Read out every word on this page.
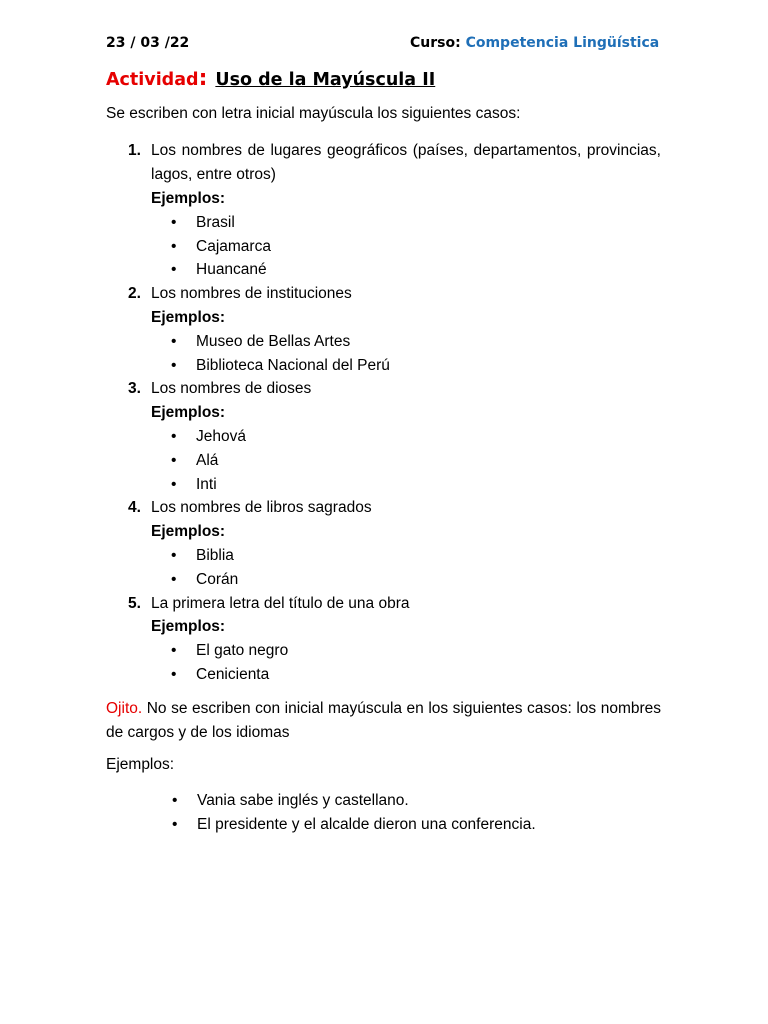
23 / 03 /22	Curso: Competencia Lingüística
Actividad: Uso de la Mayúscula II
Se escriben con letra inicial mayúscula los siguientes casos:
1. Los nombres de lugares geográficos (países, departamentos, provincias, lagos, entre otros)
Ejemplos:
• Brasil
• Cajamarca
• Huancané
2. Los nombres de instituciones
Ejemplos:
• Museo de Bellas Artes
• Biblioteca Nacional del Perú
3. Los nombres de dioses
Ejemplos:
• Jehová
• Alá
• Inti
4. Los nombres de libros sagrados
Ejemplos:
• Biblia
• Corán
5. La primera letra del título de una obra
Ejemplos:
• El gato negro
• Cenicienta
Ojito. No se escriben con inicial mayúscula en los siguientes casos: los nombres de cargos y de los idiomas
Ejemplos:
• Vania sabe inglés y castellano.
• El presidente y el alcalde dieron una conferencia.
